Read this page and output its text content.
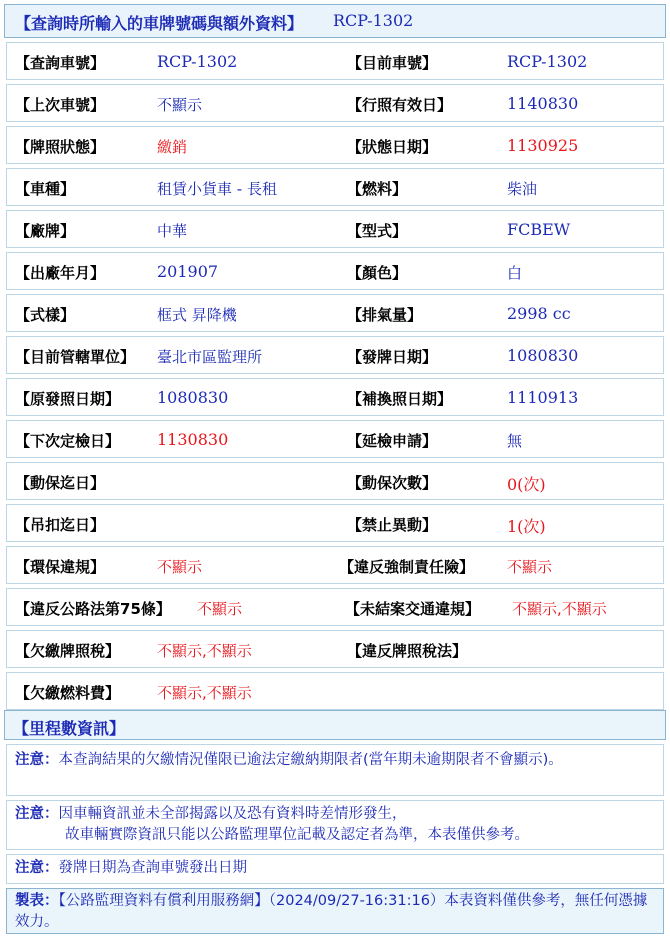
【查詢時所輸入的車牌號碼與額外資料】 RCP-1302
【查詢車號】	RCP-1302	【目前車號】	RCP-1302
【上次車號】	不顯示	【行照有效日】	1140830
【牌照狀態】	繳銷	【狀態日期】	1130925
【車種】	租賃小貨車 - 長租	【燃料】	柴油
【廠牌】	中華	【型式】	FCBEW
【出廠年月】	201907	【顏色】	白
【式樣】	框式 昇降機	【排氣量】	2998 cc
【目前管轄單位】 臺北市區監理所	【發牌日期】	1080830
【原發照日期】 1080830	【補換照日期】	1110913
【下次定檢日】 1130830	【延檢申請】	無
【動保迄日】	【動保次數】	0(次)
【吊扣迄日】	【禁止異動】	1(次)
【環保違規】	不顯示	【違反強制責任險】 不顯示
【違反公路法第75條】 不顯示	【未結案交通違規】 不顯示,不顯示
【欠繳牌照稅】 不顯示,不顯示	【違反牌照稅法】
【欠繳燃料費】 不顯示,不顯示
【里程數資訊】
注意：本查詢結果的欠繳情況僅限已逾法定繳納期限者(當年期未逾期限者不會顯示)。
注意：因車輛資訊並未全部揭露以及恐有資料時差情形發生，
故車輛實際資訊只能以公路監理單位記載及認定者為準，本表僅供參考。
注意：發牌日期為查詢車號發出日期
製表：【公路監理資料有償利用服務網】（2024/09/27-16:31:16）本表資料僅供參考，無任何憑據效力。
